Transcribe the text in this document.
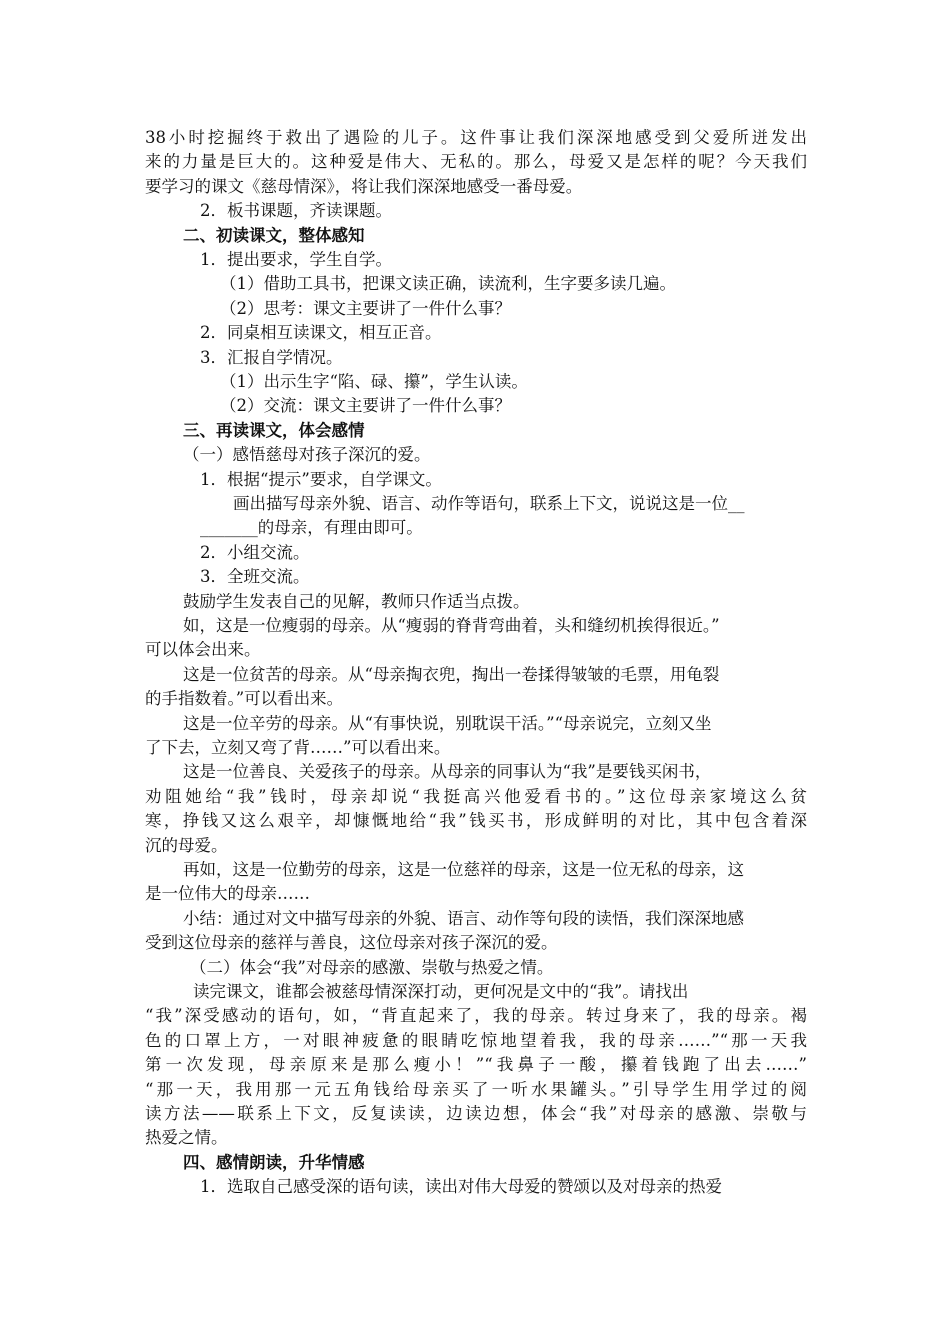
38小时挖掘终于救出了遇险的儿子。这件事让我们深深地感受到父爱所迸发出
来的力量是巨大的。这种爱是伟大、无私的。那么，母爱又是怎样的呢？今天我们
要学习的课文《慈母情深》，将让我们深深地感受一番母爱。
2．板书课题，齐读课题。
二、初读课文，整体感知
1．提出要求，学生自学。
（1）借助工具书，把课文读正确，读流利，生字要多读几遍。
（2）思考：课文主要讲了一件什么事？
2．同桌相互读课文，相互正音。
3．汇报自学情况。
（1）出示生字“陷、碌、攥”，学生认读。
（2）交流：课文主要讲了一件什么事？
三、再读课文，体会感情
（一）感悟慈母对孩子深沉的爱。
1．根据“提示”要求，自学课文。
画出描写母亲外貌、语言、动作等语句，联系上下文，说说这是一位__
_______的母亲，有理由即可。
2．小组交流。
3．全班交流。
鼓励学生发表自己的见解，教师只作适当点拨。
如，这是一位瘦弱的母亲。从“瘦弱的脊背弯曲着，头和缝纫机挨得很近。”
可以体会出来。
这是一位贫苦的母亲。从“母亲掏衣兜，掏出一卷揉得皱皱的毛票，用龟裂
的手指数着。”可以看出来。
这是一位辛劳的母亲。从“有事快说，别耽误干活。”“母亲说完，立刻又坐
了下去，立刻又弯了背……”可以看出来。
这是一位善良、关爱孩子的母亲。从母亲的同事认为“我”是要钱买闲书，
劝阻她给“我”钱时，母亲却说“我挺高兴他爱看书的。”这位母亲家境这么贫
寒，挣钱又这么艰辛，却慷慨地给“我”钱买书，形成鲜明的对比，其中包含着深
沉的母爱。
再如，这是一位勤劳的母亲，这是一位慈祥的母亲，这是一位无私的母亲，这
是一位伟大的母亲……
小结：通过对文中描写母亲的外貌、语言、动作等句段的读悟，我们深深地感
受到这位母亲的慈祥与善良，这位母亲对孩子深沉的爱。
（二）体会“我”对母亲的感激、崇敬与热爱之情。
读完课文，谁都会被慈母情深深打动，更何况是文中的“我”。请找出
“我”深受感动的语句，如，“背直起来了，我的母亲。转过身来了，我的母亲。褐
色的口罩上方，一对眼神疲惫的眼睛吃惊地望着我，我的母亲……”“那一天我
第一次发现，母亲原来是那么瘦小！”“我鼻子一酸，攥着钱跑了出去……”
“那一天，我用那一元五角钱给母亲买了一听水果罐头。”引导学生用学过的阅
读方法——联系上下文，反复读读，边读边想，体会“我”对母亲的感激、崇敬与
热爱之情。
四、感情朗读，升华情感
1．选取自己感受深的语句读，读出对伟大母爱的赞颂以及对母亲的热爱
